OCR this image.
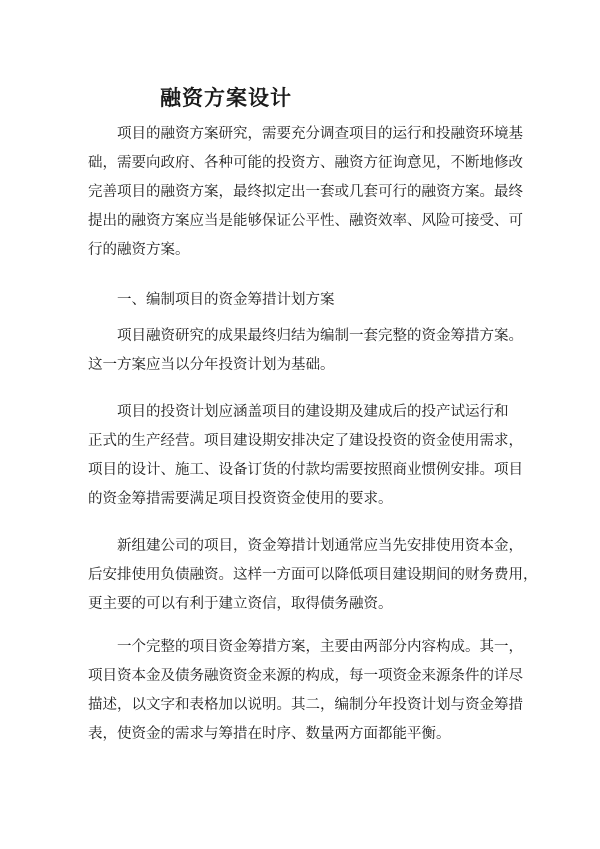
融资方案设计
　　项目的融资方案研究，需要充分调查项目的运行和投融资环境基
础，需要向政府、各种可能的投资方、融资方征询意见，不断地修改
完善项目的融资方案，最终拟定出一套或几套可行的融资方案。最终
提出的融资方案应当是能够保证公平性、融资效率、风险可接受、可
行的融资方案。
　　一、编制项目的资金筹措计划方案
　　项目融资研究的成果最终归结为编制一套完整的资金筹措方案。
这一方案应当以分年投资计划为基础。
　　项目的投资计划应涵盖项目的建设期及建成后的投产试运行和
正式的生产经营。项目建设期安排决定了建设投资的资金使用需求，
项目的设计、施工、设备订货的付款均需要按照商业惯例安排。项目
的资金筹措需要满足项目投资资金使用的要求。
　　新组建公司的项目，资金筹措计划通常应当先安排使用资本金，
后安排使用负债融资。这样一方面可以降低项目建设期间的财务费用，
更主要的可以有利于建立资信，取得债务融资。
　　一个完整的项目资金筹措方案，主要由两部分内容构成。其一，
项目资本金及债务融资资金来源的构成，每一项资金来源条件的详尽
描述，以文字和表格加以说明。其二，编制分年投资计划与资金筹措
表，使资金的需求与筹措在时序、数量两方面都能平衡。
